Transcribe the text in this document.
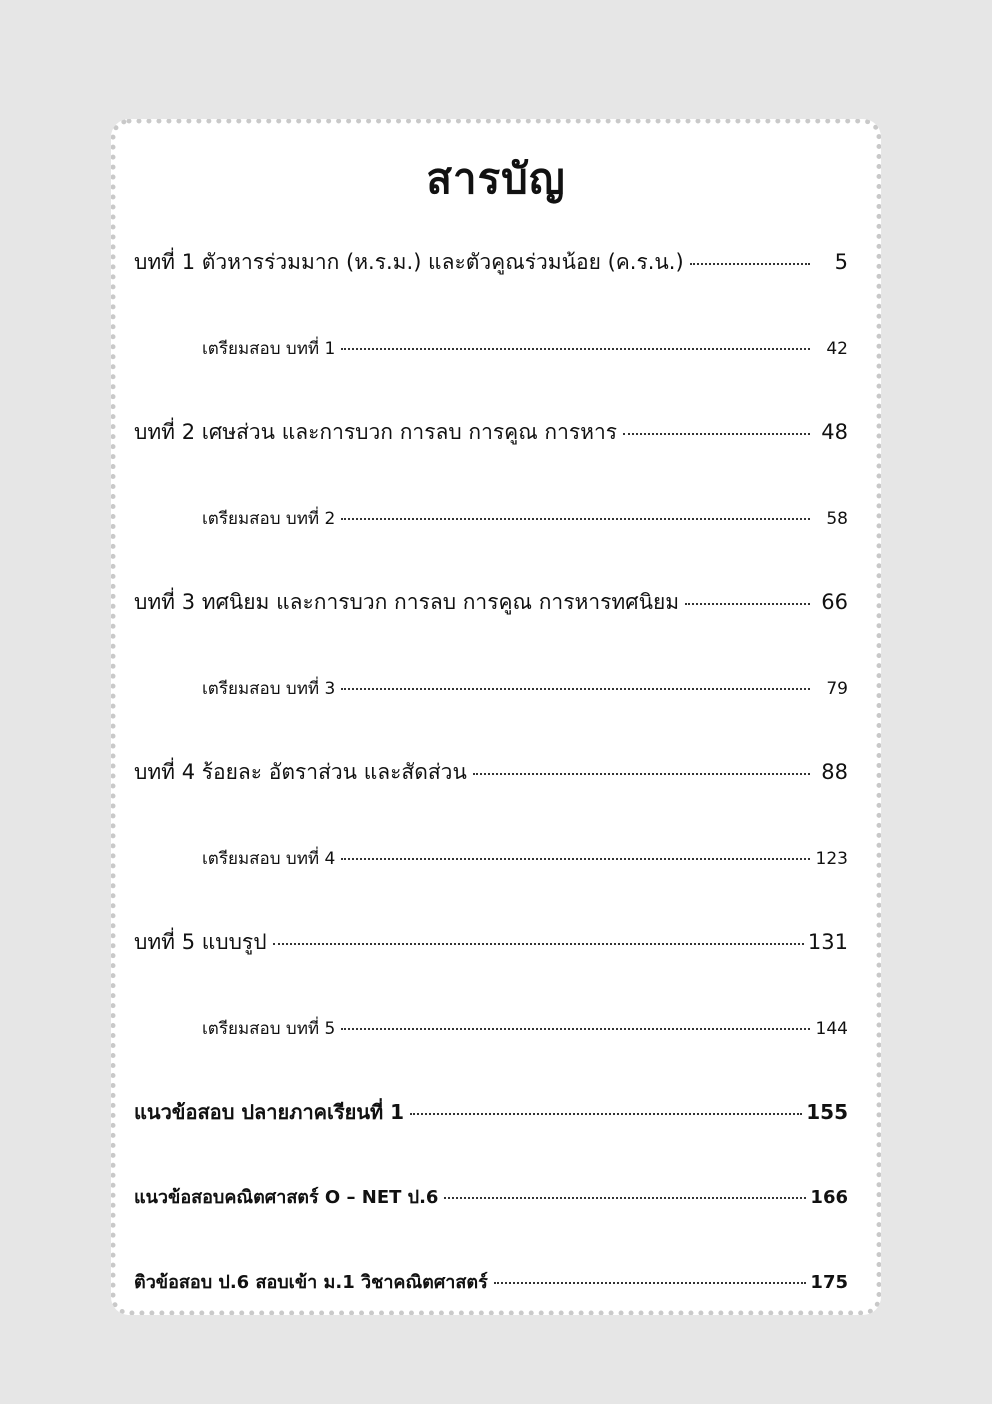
สารบัญ
บทที่ 1 ตัวหารร่วมมาก (ห.ร.ม.) และตัวคูณร่วมน้อย (ค.ร.น.)	5
เตรียมสอบ บทที่ 1	42
บทที่ 2 เศษส่วน และการบวก การลบ การคูณ การหาร	48
เตรียมสอบ บทที่ 2	58
บทที่ 3 ทศนิยม และการบวก การลบ การคูณ การหารทศนิยม	66
เตรียมสอบ บทที่ 3	79
บทที่ 4 ร้อยละ อัตราส่วน และสัดส่วน	88
เตรียมสอบ บทที่ 4	123
บทที่ 5 แบบรูป	131
เตรียมสอบ บทที่ 5	144
แนวข้อสอบ ปลายภาคเรียนที่ 1	155
แนวข้อสอบคณิตศาสตร์ O – NET ป.6	166
ติวข้อสอบ ป.6 สอบเข้า ม.1 วิชาคณิตศาสตร์	175
